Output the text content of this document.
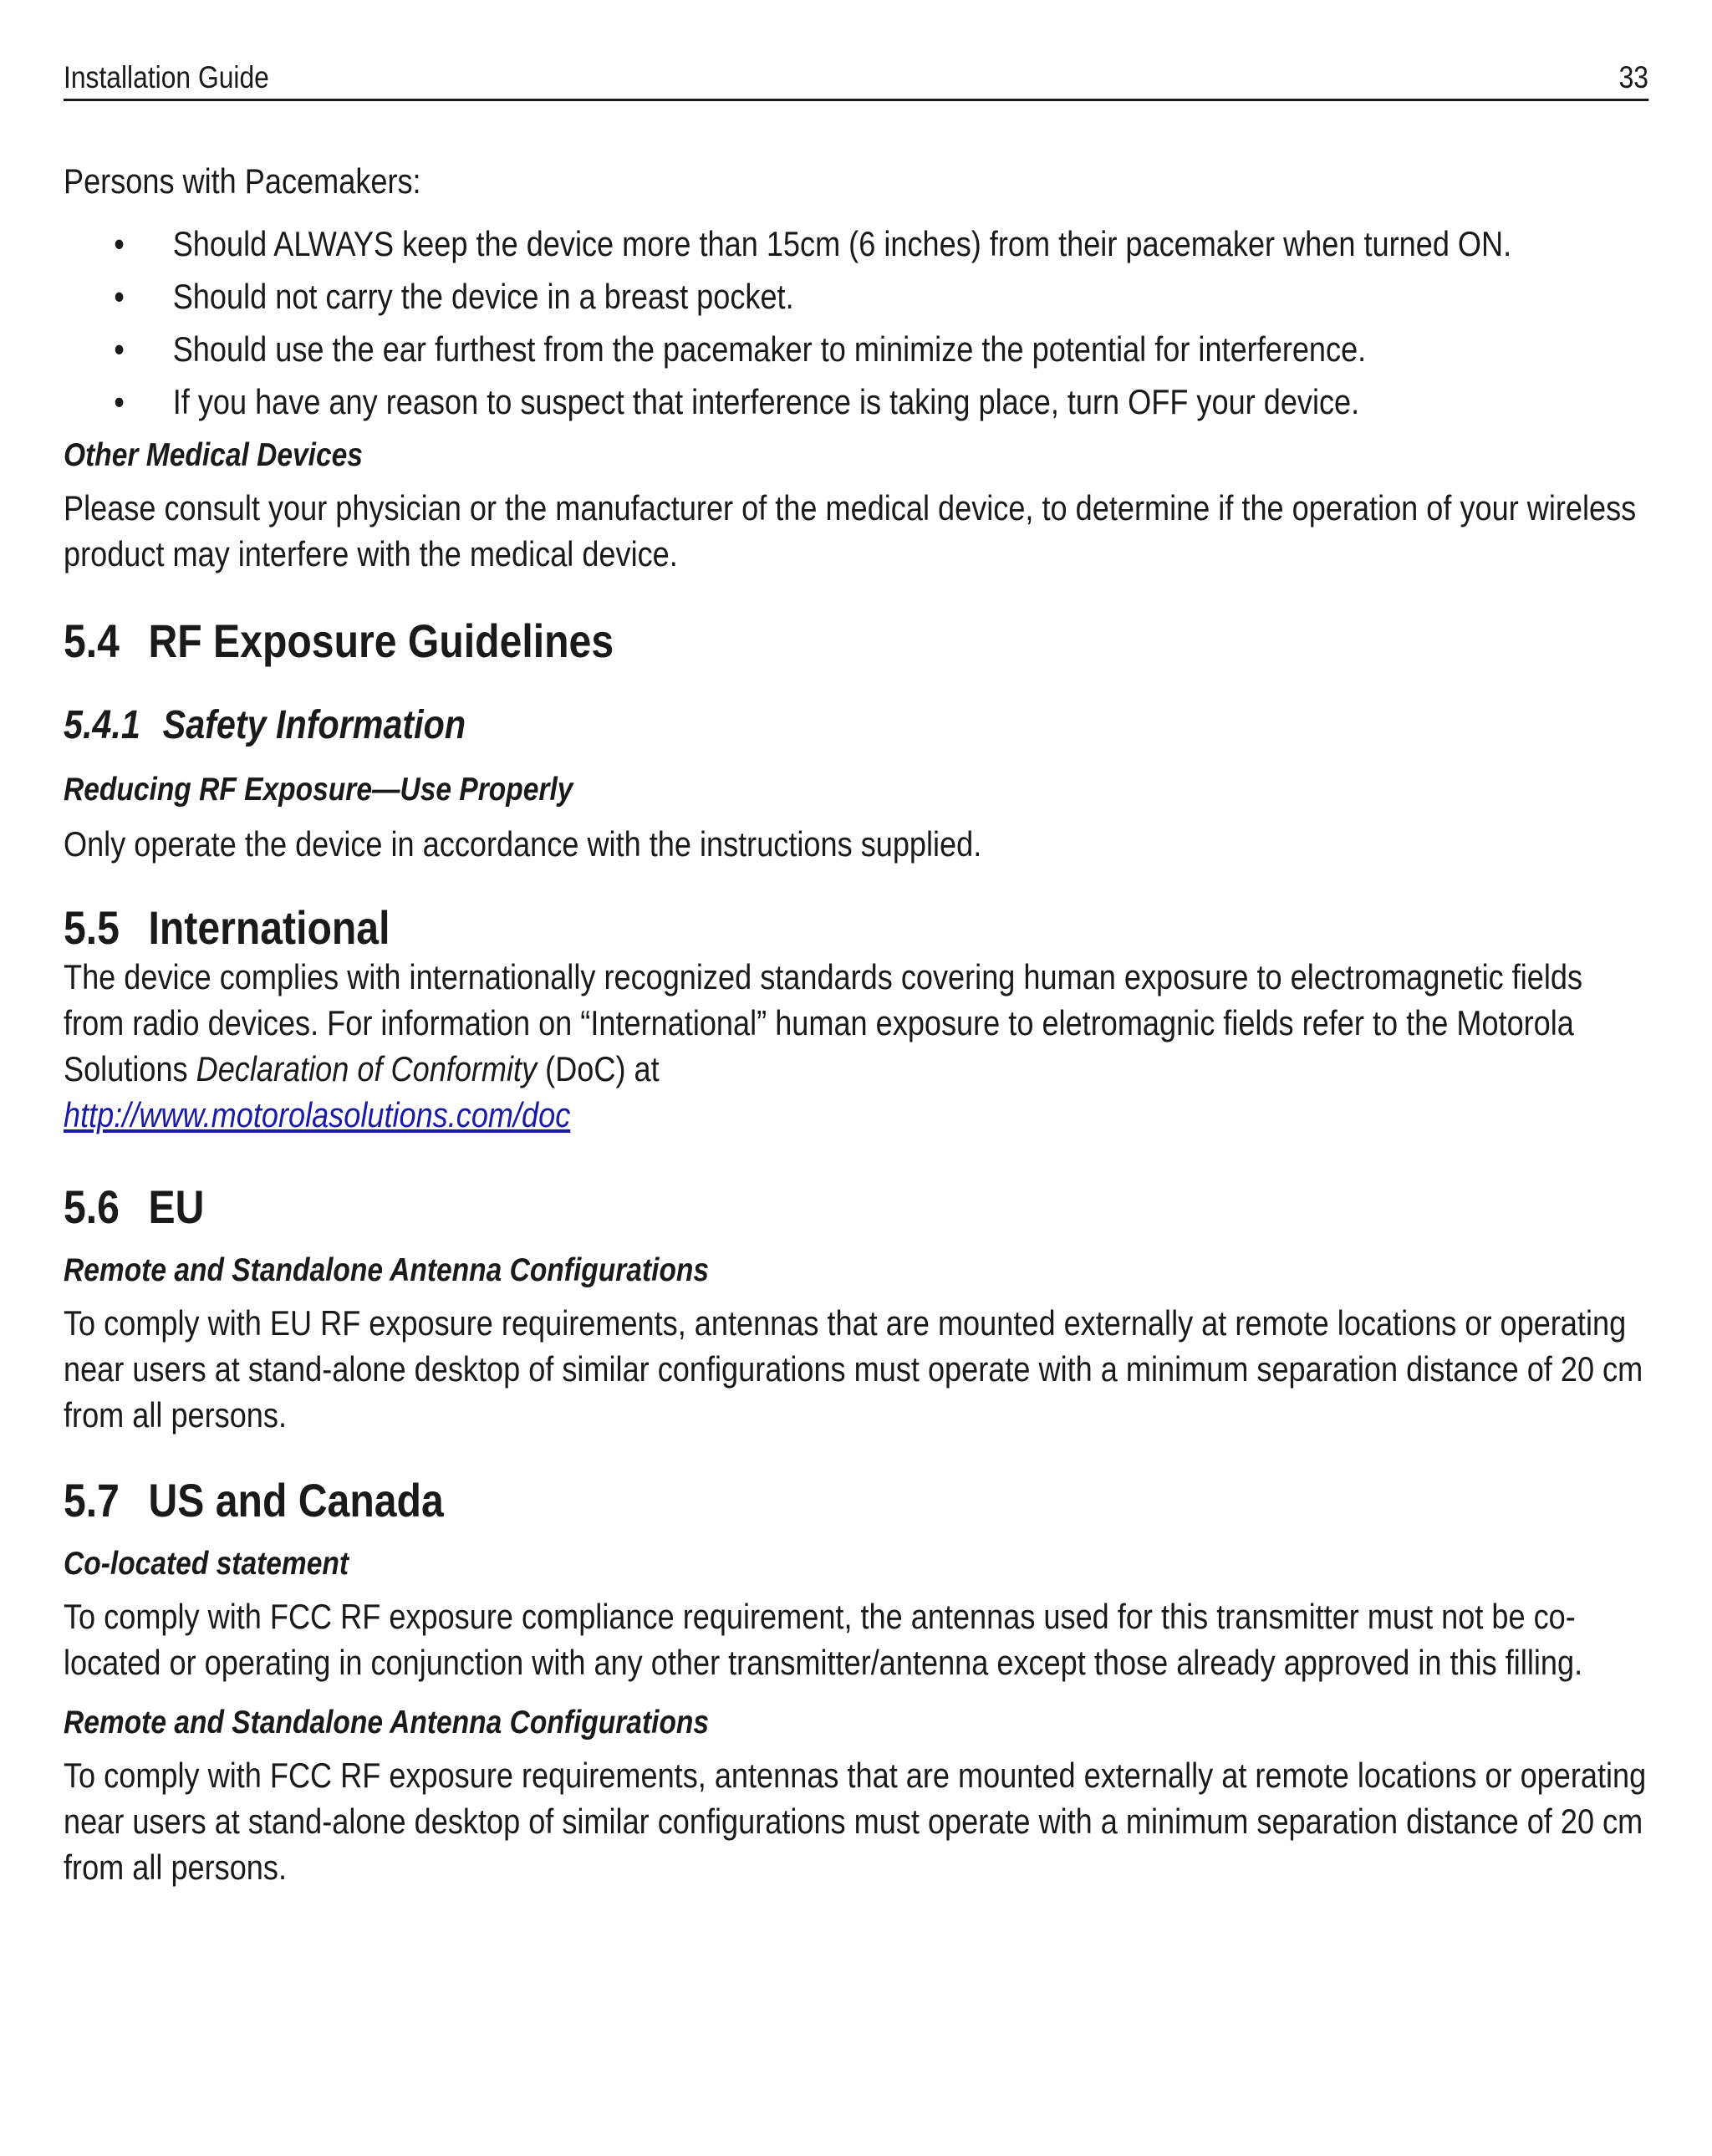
Installation Guide	33

Persons with Pacemakers:

• Should ALWAYS keep the device more than 15cm (6 inches) from their pacemaker when turned ON.
• Should not carry the device in a breast pocket.
• Should use the ear furthest from the pacemaker to minimize the potential for interference.
• If you have any reason to suspect that interference is taking place, turn OFF your device.

Other Medical Devices

Please consult your physician or the manufacturer of the medical device, to determine if the operation of your wireless product may interfere with the medical device.

5.4 RF Exposure Guidelines
5.4.1 Safety Information

Reducing RF Exposure—Use Properly

Only operate the device in accordance with the instructions supplied.

5.5 International

The device complies with internationally recognized standards covering human exposure to electromagnetic fields from radio devices. For information on “International” human exposure to eletromagnic fields refer to the Motorola Solutions Declaration of Conformity (DoC) at

http://www.motorolasolutions.com/doc
5.6 EU

Remote and Standalone Antenna Configurations

To comply with EU RF exposure requirements, antennas that are mounted externally at remote locations or operating near users at stand-alone desktop of similar configurations must operate with a minimum separation distance of 20 cm from all persons.

5.7 US and Canada

Co-located statement

To comply with FCC RF exposure compliance requirement, the antennas used for this transmitter must not be co-located or operating in conjunction with any other transmitter/antenna except those already approved in this filling.

Remote and Standalone Antenna Configurations

To comply with FCC RF exposure requirements, antennas that are mounted externally at remote locations or operating near users at stand-alone desktop of similar configurations must operate with a minimum separation distance of 20 cm from all persons.
